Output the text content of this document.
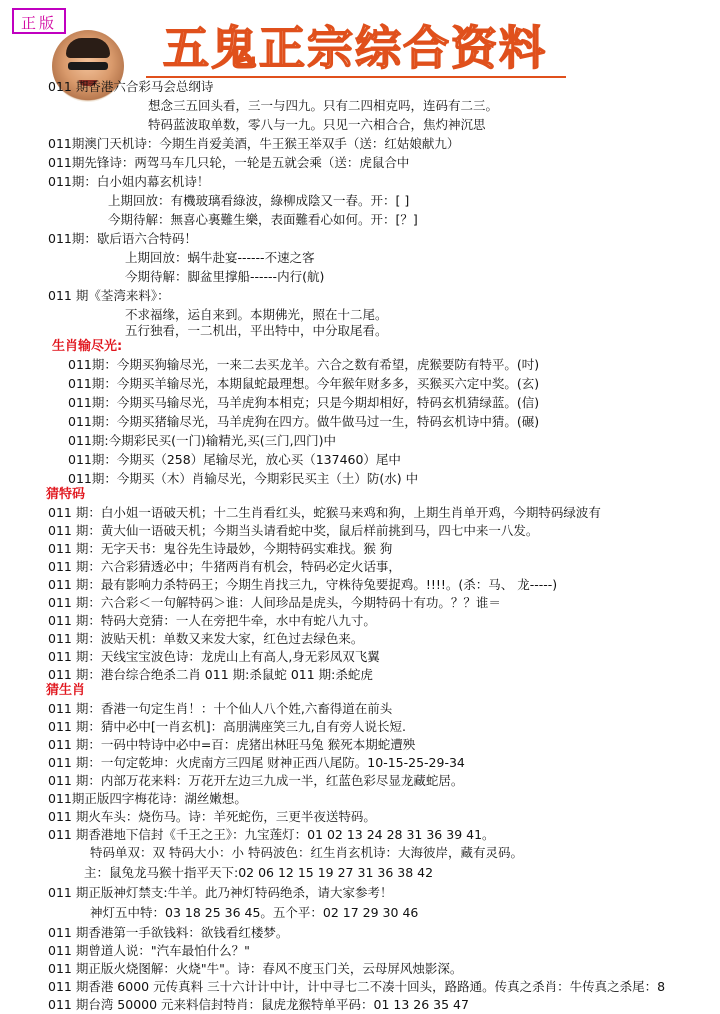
正版	五鬼正宗综合资料
011 期香港六合彩马会总纲诗
想念三五回头看，三一与四九。只有二四相克吗，连码有二三。
特码蓝波取单数，零八与一九。只见一六相合合，焦灼神沉思
011期澳门天机诗：今期生肖爱美酒，牛王猴王举双手（送：红姑娘献九）
011期先锋诗：两驾马车几只轮，一轮是五就会乘（送：虎鼠合中
011期：白小姐内幕玄机诗！
上期回放：有機玻璃看綠波，綠柳成陰又一春。开：[ ]
今期待解：無喜心裏難生樂，表面難看心如何。开：[？]
011期：歇后语六合特码！
上期回放：蜗牛赴宴------不速之客
今期待解：脚盆里撑船------内行(航)
011 期《荃湾来料》：
不求福缘，运自来到。本期佛光，照在十二尾。
五行独看，一二机出，平出特中，中分取尾看。
011期：今期买狗输尽光，一来二去买龙羊。六合之数有希望，虎猴要防有特平。(吋)
011期：今期买羊输尽光，本期鼠蛇最理想。今年猴年财多多，买猴买六定中奖。(玄)
011期：今期买马输尽光，马羊虎狗本相克；只是今期却相好，特码玄机猜绿蓝。(信)
011期：今期买猪输尽光，马羊虎狗在四方。做牛做马过一生，特码玄机诗中猜。(碾)
011期:今期彩民买(一门)输精光,买(三门,四门)中
011期：今期买（258）尾输尽光，放心买（137460）尾中
011期：今期买（木）肖输尽光，今期彩民买主（土）防(水) 中
011 期：白小姐一语破天机；十二生肖看红头，蛇猴马来鸡和狗，上期生肖单开鸡，今期特码绿波有
011 期：黄大仙一语破天机；今期当头请看蛇中奖，鼠后样前挑到马，四七中来一八发。
011 期：无字天书：鬼谷先生诗最妙，今期特码实难找。猴 狗
011 期：六合彩猜透必中；牛猪两肖有机会，特码必定火话事，
011 期：最有影响力杀特码王；今期生肖找三九，守株待兔要捉鸡。!!!!。(杀：马、 龙-----)
011 期：六合彩＜一句解特码＞谁：人间珍品是虎头，今期特码十有功。？？谁＝
011 期：特码大竞猜：一人在旁把牛牵，水中有蛇八九寸。
011 期：波贴天机：单数又来发大家，红色过去绿色来。
011 期：天线宝宝波色诗：龙虎山上有高人,身无彩凤双飞翼
011 期：港台综合绝杀二肖 011 期:杀鼠蛇 011 期:杀蛇虎
011 期：香港一句定生肖！：十个仙人八个姓,六畜得道在前头
011 期：猜中必中[一肖玄机]：高朋满座笑三九,自有旁人说长短.
011 期：一码中特诗中必中=百：虎猪出林旺马兔 猴死本期蛇遭殃
011 期：一句定乾坤：火虎南方三四尾 财神正西八尾防。10-15-25-29-34
011 期：内部万花来料：万花开左边三九成一半，红蓝色彩尽显龙藏蛇居。
011期正版四字梅花诗：湖丝嫩想。
011 期火车头：烧伤马。诗：羊死蛇伤，三更半夜送特码。
011 期香港地下信封《千王之王》：九宝莲灯：01 02 13 24 28 31 36 39 41。
特码单双：双 特码大小：小 特码波色：红生肖玄机诗：大海彼岸，藏有灵码。
主：鼠兔龙马猴十指平天下:02 06 12 15 19 27 31 36 38 42
011 期正版神灯禁支:牛羊。此乃神灯特码绝杀，请大家参考！
神灯五中特：03 18 25 36 45。五个平：02 17 29 30 46
011 期香港第一手欲钱料：欲钱看红楼梦。
011 期曾道人说："汽车最怕什么？"
011 期正版火烧图解：火烧"牛"。诗：春风不度玉门关，云母屏风烛影深。
011 期香港 6000 元传真料 三十六计计中计，计中寻七二不凑十回头，路路通。传真之杀肖：牛传真之杀尾：8
011 期台湾 50000 元来料信封特肖：鼠虎龙猴特单平码：01 13 26 35 47
生肖输尽光:
猜特码
猜生肖
